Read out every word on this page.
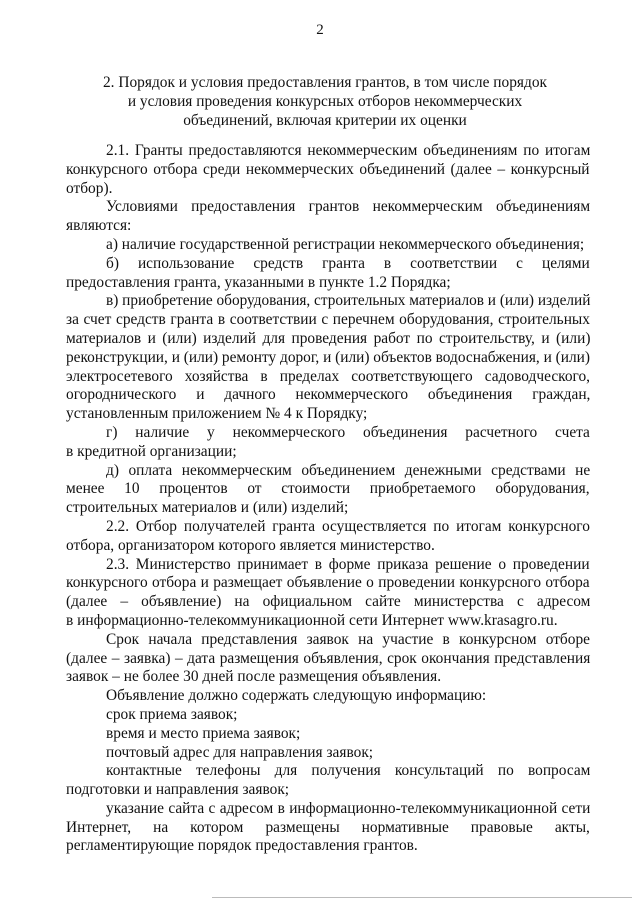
2
2. Порядок и условия предоставления грантов, в том числе порядок
и условия проведения конкурсных отборов некоммерческих
объединений, включая критерии их оценки
2.1. Гранты предоставляются некоммерческим объединениям по итогам
конкурсного отбора среди некоммерческих объединений (далее – конкурсный
отбор).
Условиями предоставления грантов некоммерческим объединениям
являются:
а) наличие государственной регистрации некоммерческого объединения;
б) использование средств гранта в соответствии с целями
предоставления гранта, указанными в пункте 1.2 Порядка;
в) приобретение оборудования, строительных материалов и (или) изделий
за счет средств гранта в соответствии с перечнем оборудования, строительных
материалов и (или) изделий для проведения работ по строительству, и (или)
реконструкции, и (или) ремонту дорог, и (или) объектов водоснабжения, и (или)
электросетевого хозяйства в пределах соответствующего садоводческого,
огороднического и дачного некоммерческого объединения граждан,
установленным приложением № 4 к Порядку;
г) наличие у некоммерческого объединения расчетного счета
в кредитной организации;
д) оплата некоммерческим объединением денежными средствами не
менее 10 процентов от стоимости приобретаемого оборудования,
строительных материалов и (или) изделий;
2.2. Отбор получателей гранта осуществляется по итогам конкурсного
отбора, организатором которого является министерство.
2.3. Министерство принимает в форме приказа решение о проведении
конкурсного отбора и размещает объявление о проведении конкурсного отбора
(далее – объявление) на официальном сайте министерства с адресом
в информационно-телекоммуникационной сети Интернет www.krasagro.ru.
Срок начала представления заявок на участие в конкурсном отборе
(далее – заявка) – дата размещения объявления, срок окончания представления
заявок – не более 30 дней после размещения объявления.
Объявление должно содержать следующую информацию:
срок приема заявок;
время и место приема заявок;
почтовый адрес для направления заявок;
контактные телефоны для получения консультаций по вопросам
подготовки и направления заявок;
указание сайта с адресом в информационно-телекоммуникационной сети
Интернет, на котором размещены нормативные правовые акты,
регламентирующие порядок предоставления грантов.
